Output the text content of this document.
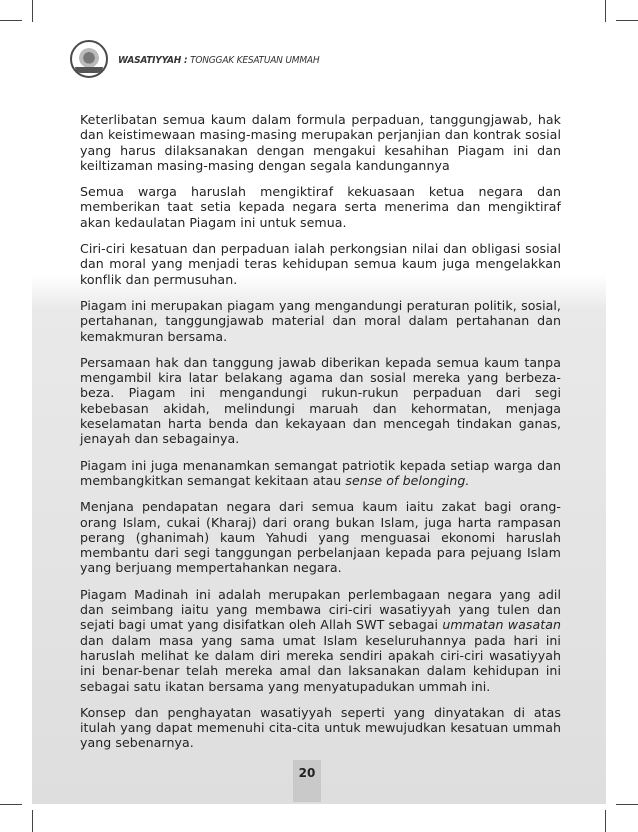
WASATIYYAH : TONGGAK KESATUAN UMMAH

Keterlibatan semua kaum dalam formula perpaduan, tanggungjawab, hak dan keistimewaan masing-masing merupakan perjanjian dan kontrak sosial yang harus dilaksanakan dengan mengakui kesahihan Piagam ini dan keiltizaman masing-masing dengan segala kandungannya

Semua warga haruslah mengiktiraf kekuasaan ketua negara dan memberikan taat setia kepada negara serta menerima dan mengiktiraf akan kedaulatan Piagam ini untuk semua.

Ciri-ciri kesatuan dan perpaduan ialah perkongsian nilai dan obligasi sosial dan moral yang menjadi teras kehidupan semua kaum juga mengelakkan konflik dan permusuhan.

Piagam ini merupakan piagam yang mengandungi peraturan politik, sosial, pertahanan, tanggungjawab material dan moral dalam pertahanan dan kemakmuran bersama.

Persamaan hak dan tanggung jawab diberikan kepada semua kaum tanpa mengambil kira latar belakang agama dan sosial mereka yang berbeza-beza. Piagam ini mengandungi rukun-rukun perpaduan dari segi kebebasan akidah, melindungi maruah dan kehormatan, menjaga keselamatan harta benda dan kekayaan dan mencegah tindakan ganas, jenayah dan sebagainya.

Piagam ini juga menanamkan semangat patriotik kepada setiap warga dan membangkitkan semangat kekitaan atau sense of belonging.

Menjana pendapatan negara dari semua kaum iaitu zakat bagi orang-orang Islam, cukai (Kharaj) dari orang bukan Islam, juga harta rampasan perang (ghanimah) kaum Yahudi yang menguasai ekonomi haruslah membantu dari segi tanggungan perbelanjaan kepada para pejuang Islam yang berjuang mempertahankan negara.

Piagam Madinah ini adalah merupakan perlembagaan negara yang adil dan seimbang iaitu yang membawa ciri-ciri wasatiyyah yang tulen dan sejati bagi umat yang disifatkan oleh Allah SWT sebagai ummatan wasatan dan dalam masa yang sama umat Islam keseluruhannya pada hari ini haruslah melihat ke dalam diri mereka sendiri apakah ciri-ciri wasatiyyah ini benar-benar telah mereka amal dan laksanakan dalam kehidupan ini sebagai satu ikatan bersama yang menyatupadukan ummah ini.

Konsep dan penghayatan wasatiyyah seperti yang dinyatakan di atas itulah yang dapat memenuhi cita-cita untuk mewujudkan kesatuan ummah yang sebenarnya.

20
